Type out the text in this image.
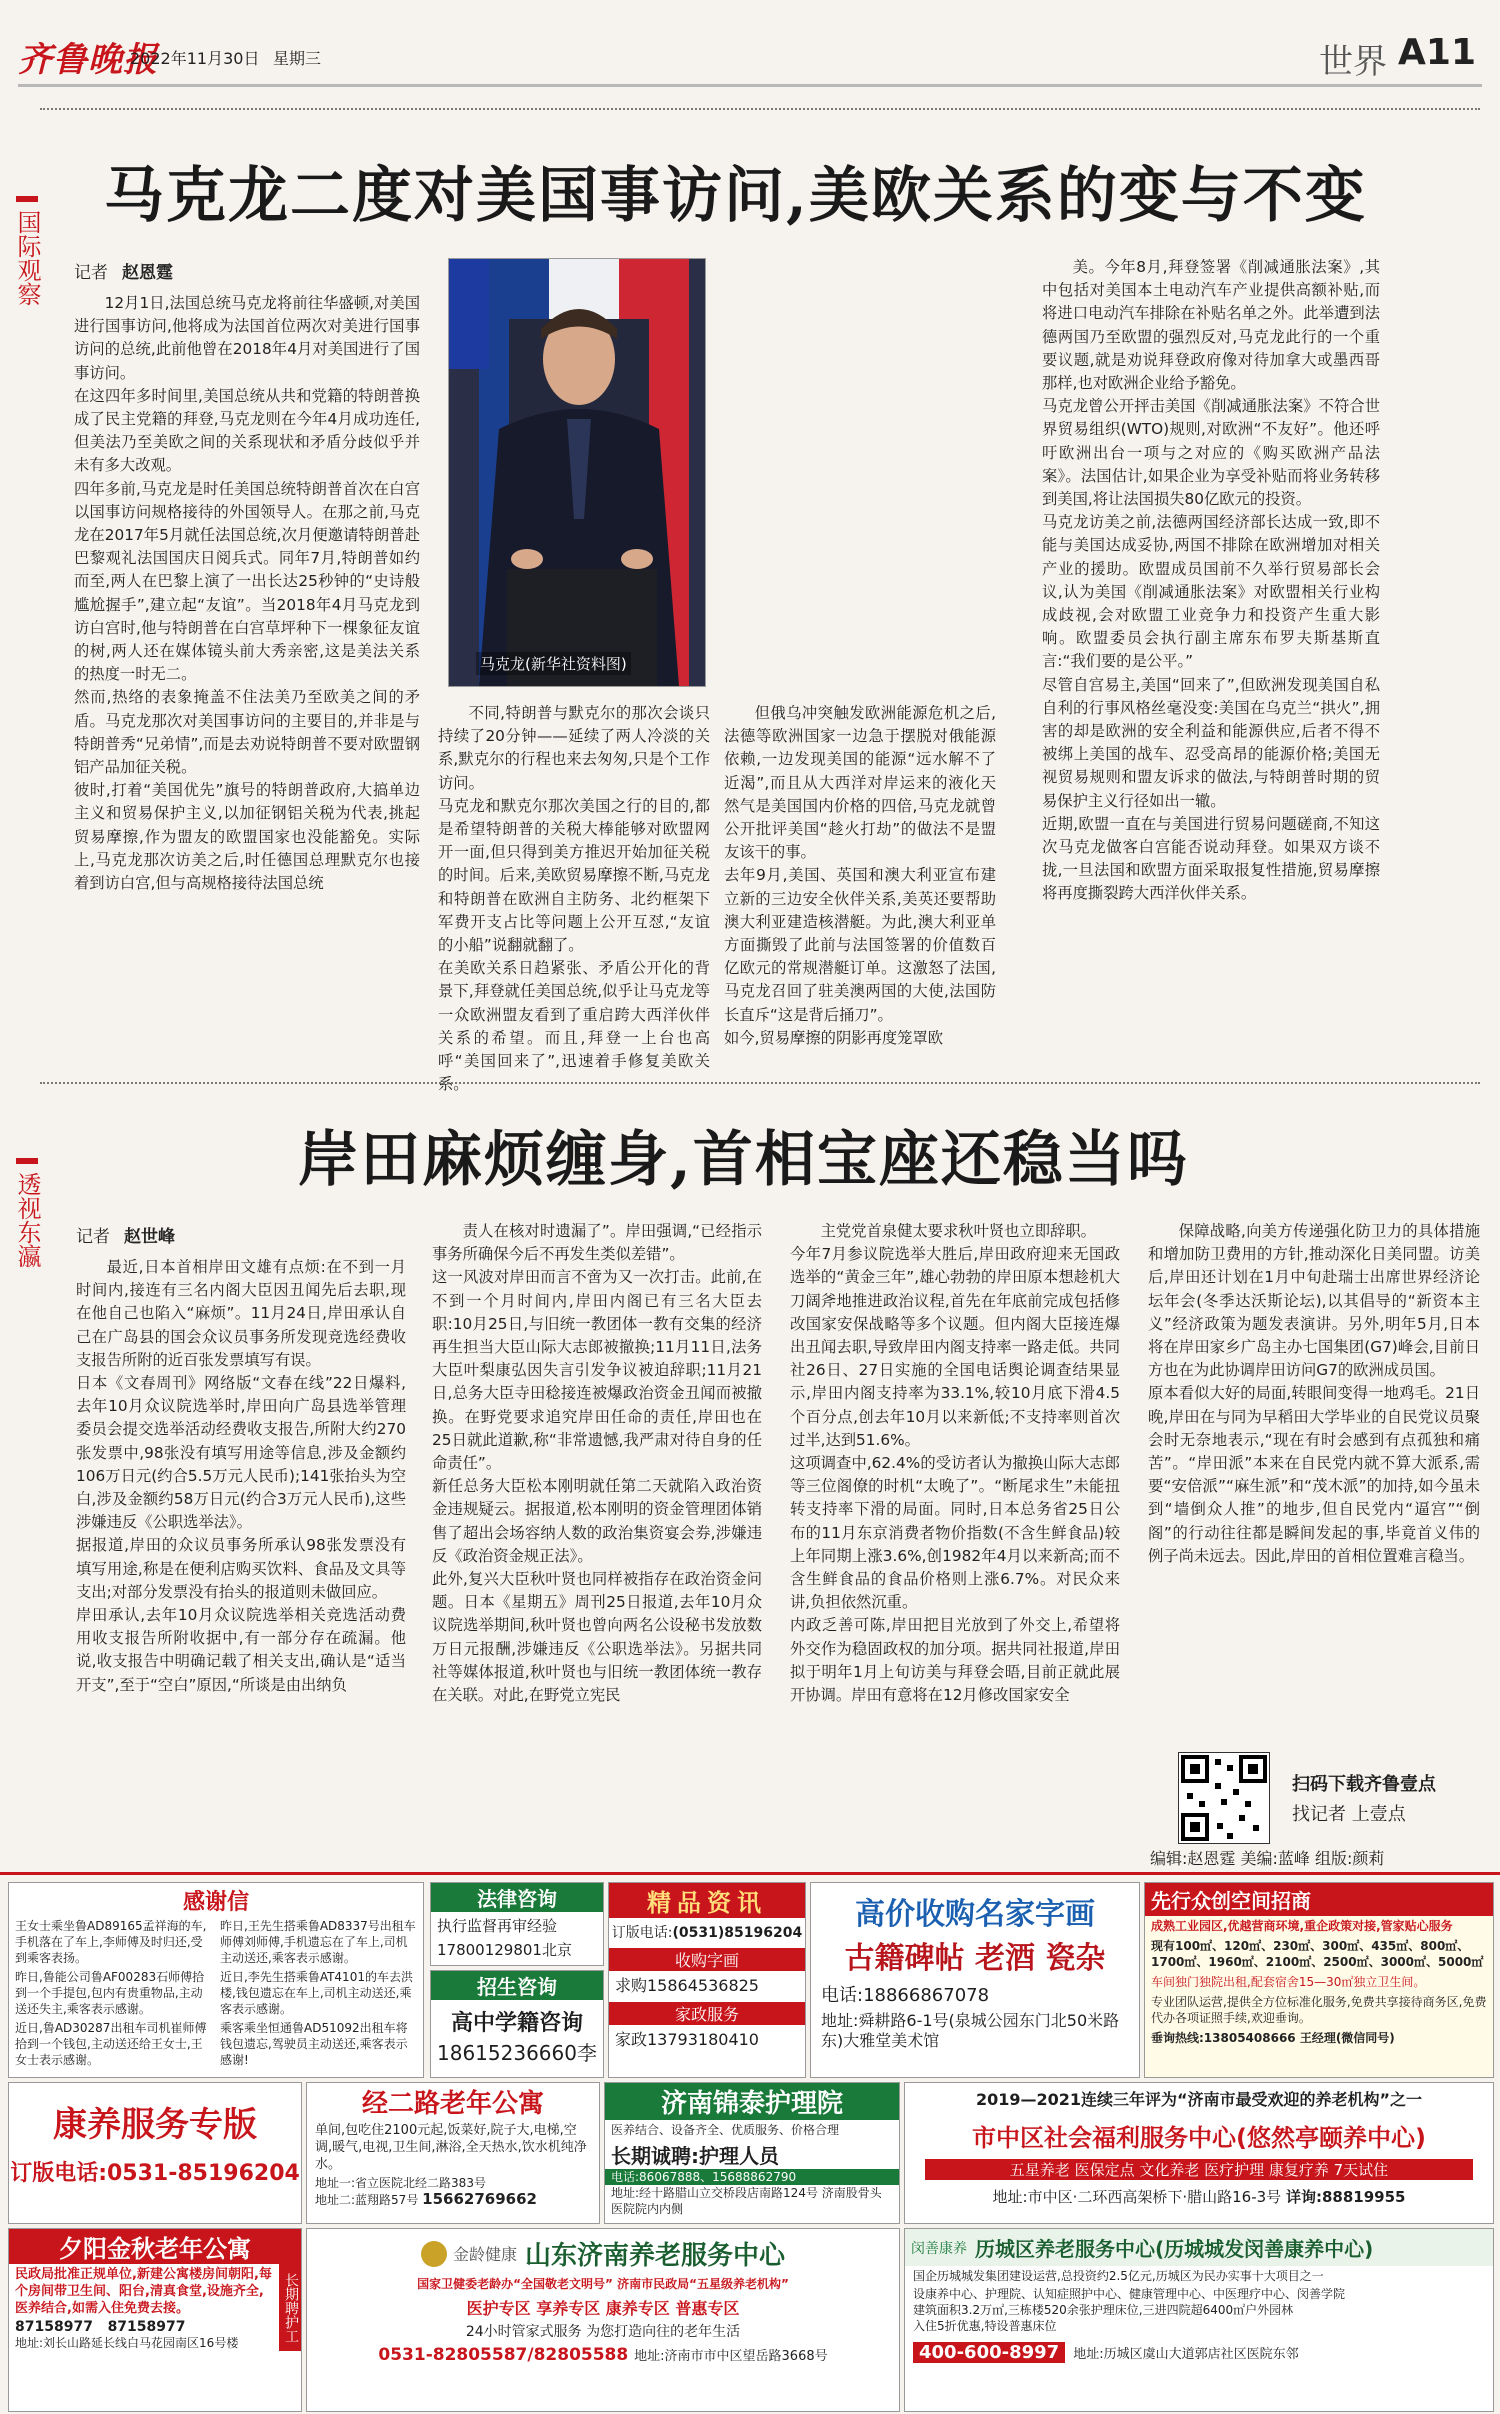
齐鲁晚报
2022年11月30日 星期三	世界 A11
国际观察
马克龙二度对美国事访问,美欧关系的变与不变
记者 赵恩霆

12月1日,法国总统马克龙将前往华盛顿,对美国进行国事访问,他将成为法国首位两次对美进行国事访问的总统,此前他曾在2018年4月对美国进行了国事访问。
在这四年多时间里,美国总统从共和党籍的特朗普换成了民主党籍的拜登,马克龙则在今年4月成功连任,但美法乃至美欧之间的关系现状和矛盾分歧似乎并未有多大改观。
四年多前,马克龙是时任美国总统特朗普首次在白宫以国事访问规格接待的外国领导人。在那之前,马克龙在2017年5月就任法国总统,次月便邀请特朗普赴巴黎观礼法国国庆日阅兵式。同年7月,特朗普如约而至,两人在巴黎上演了一出长达25秒钟的“史诗般尴尬握手”,建立起“友谊”。当2018年4月马克龙到访白宫时,他与特朗普在白宫草坪种下一棵象征友谊的树,两人还在媒体镜头前大秀亲密,这是美法关系的热度一时无二。
然而,热络的表象掩盖不住法美乃至欧美之间的矛盾。马克龙那次对美国事访问的主要目的,并非是与特朗普秀“兄弟情”,而是去劝说特朗普不要对欧盟钢铝产品加征关税。
彼时,打着“美国优先”旗号的特朗普政府,大搞单边主义和贸易保护主义,以加征钢铝关税为代表,挑起贸易摩擦,作为盟友的欧盟国家也没能豁免。实际上,马克龙那次访美之后,时任德国总理默克尔也接着到访白宫,但与高规格接待法国总统

马克龙(新华社资料图)

不同,特朗普与默克尔的那次会谈只持续了20分钟——延续了两人冷淡的关系,默克尔的行程也来去匆匆,只是个工作访问。
马克龙和默克尔那次美国之行的目的,都是希望特朗普的关税大棒能够对欧盟网开一面,但只得到美方推迟开始加征关税的时间。后来,美欧贸易摩擦不断,马克龙和特朗普在欧洲自主防务、北约框架下军费开支占比等问题上公开互怼,“友谊的小船”说翻就翻了。
在美欧关系日趋紧张、矛盾公开化的背景下,拜登就任美国总统,似乎让马克龙等一众欧洲盟友看到了重启跨大西洋伙伴关系的希望。而且,拜登一上台也高呼“美国回来了”,迅速着手修复美欧关系。

但俄乌冲突触发欧洲能源危机之后,法德等欧洲国家一边急于摆脱对俄能源依赖,一边发现美国的能源“远水解不了近渴”,而且从大西洋对岸运来的液化天然气是美国国内价格的四倍,马克龙就曾公开批评美国“趁火打劫”的做法不是盟友该干的事。
去年9月,美国、英国和澳大利亚宣布建立新的三边安全伙伴关系,美英还要帮助澳大利亚建造核潜艇。为此,澳大利亚单方面撕毁了此前与法国签署的价值数百亿欧元的常规潜艇订单。这激怒了法国,马克龙召回了驻美澳两国的大使,法国防长直斥“这是背后捅刀”。
如今,贸易摩擦的阴影再度笼罩欧

美。今年8月,拜登签署《削减通胀法案》,其中包括对美国本土电动汽车产业提供高额补贴,而将进口电动汽车排除在补贴名单之外。此举遭到法德两国乃至欧盟的强烈反对,马克龙此行的一个重要议题,就是劝说拜登政府像对待加拿大或墨西哥那样,也对欧洲企业给予豁免。
马克龙曾公开抨击美国《削减通胀法案》不符合世界贸易组织(WTO)规则,对欧洲“不友好”。他还呼吁欧洲出台一项与之对应的《购买欧洲产品法案》。法国估计,如果企业为享受补贴而将业务转移到美国,将让法国损失80亿欧元的投资。
马克龙访美之前,法德两国经济部长达成一致,即不能与美国达成妥协,两国不排除在欧洲增加对相关产业的援助。欧盟成员国前不久举行贸易部长会议,认为美国《削减通胀法案》对欧盟相关行业构成歧视,会对欧盟工业竞争力和投资产生重大影响。欧盟委员会执行副主席东布罗夫斯基斯直言:“我们要的是公平。”
尽管自宫易主,美国“回来了”,但欧洲发现美国自私自利的行事风格丝毫没变:美国在乌克兰“拱火”,拥害的却是欧洲的安全利益和能源供应,后者不得不被绑上美国的战车、忍受高昂的能源价格;美国无视贸易规则和盟友诉求的做法,与特朗普时期的贸易保护主义行径如出一辙。
近期,欧盟一直在与美国进行贸易问题磋商,不知这次马克龙做客白宫能否说动拜登。如果双方谈不拢,一旦法国和欧盟方面采取报复性措施,贸易摩擦将再度撕裂跨大西洋伙伴关系。

透视东瀛
岸田麻烦缠身,首相宝座还稳当吗
记者 赵世峰

最近,日本首相岸田文雄有点烦:在不到一月时间内,接连有三名内阁大臣因丑闻先后去职,现在他自己也陷入“麻烦”。11月24日,岸田承认自己在广岛县的国会众议员事务所发现竞选经费收支报告所附的近百张发票填写有误。
日本《文春周刊》网络版“文春在线”22日爆料,去年10月众议院选举时,岸田向广岛县选举管理委员会提交选举活动经费收支报告,所附大约270张发票中,98张没有填写用途等信息,涉及金额约106万日元(约合5.5万元人民币);141张抬头为空白,涉及金额约58万日元(约合3万元人民币),这些涉嫌违反《公职选举法》。
据报道,岸田的众议员事务所承认98张发票没有填写用途,称是在便利店购买饮料、食品及文具等支出;对部分发票没有抬头的报道则未做回应。
岸田承认,去年10月众议院选举相关竞选活动费用收支报告所附收据中,有一部分存在疏漏。他说,收支报告中明确记载了相关支出,确认是“适当开支”,至于“空白”原因,“所谈是由出纳负

责人在核对时遗漏了”。岸田强调,“已经指示事务所确保今后不再发生类似差错”。
这一风波对岸田而言不啻为又一次打击。此前,在不到一个月时间内,岸田内阁已有三名大臣去职:10月25日,与旧统一教团体一教有交集的经济再生担当大臣山际大志郎被撤换;11月11日,法务大臣叶梨康弘因失言引发争议被迫辞职;11月21日,总务大臣寺田稔接连被爆政治资金丑闻而被撤换。在野党要求追究岸田任命的责任,岸田也在25日就此道歉,称“非常遗憾,我严肃对待自身的任命责任”。
新任总务大臣松本刚明就任第二天就陷入政治资金违规疑云。据报道,松本刚明的资金管理团体销售了超出会场容纳人数的政治集资宴会券,涉嫌违反《政治资金规正法》。
此外,复兴大臣秋叶贤也同样被指存在政治资金问题。日本《星期五》周刊25日报道,去年10月众议院选举期间,秋叶贤也曾向两名公设秘书发放数万日元报酬,涉嫌违反《公职选举法》。另据共同社等媒体报道,秋叶贤也与旧统一教团体统一教存在关联。对此,在野党立宪民

主党党首泉健太要求秋叶贤也立即辞职。
今年7月参议院选举大胜后,岸田政府迎来无国政选举的“黄金三年”,雄心勃勃的岸田原本想趁机大刀阔斧地推进政治议程,首先在年底前完成包括修改国家安保战略等多个议题。但内阁大臣接连爆出丑闻去职,导致岸田内阁支持率一路走低。共同社26日、27日实施的全国电话舆论调查结果显示,岸田内阁支持率为33.1%,较10月底下滑4.5个百分点,创去年10月以来新低;不支持率则首次过半,达到51.6%。
这项调查中,62.4%的受访者认为撤换山际大志郎等三位阁僚的时机“太晚了”。“断尾求生”未能扭转支持率下滑的局面。同时,日本总务省25日公布的11月东京消费者物价指数(不含生鲜食品)较上年同期上涨3.6%,创1982年4月以来新高;而不含生鲜食品的食品价格则上涨6.7%。对民众来讲,负担依然沉重。
内政乏善可陈,岸田把目光放到了外交上,希望将外交作为稳固政权的加分项。据共同社报道,岸田拟于明年1月上旬访美与拜登会晤,目前正就此展开协调。岸田有意将在12月修改国家安全

保障战略,向美方传递强化防卫力的具体措施和增加防卫费用的方针,推动深化日美同盟。访美后,岸田还计划在1月中旬赴瑞士出席世界经济论坛年会(冬季达沃斯论坛),以其倡导的“新资本主义”经济政策为题发表演讲。另外,明年5月,日本将在岸田家乡广岛主办七国集团(G7)峰会,目前日方也在为此协调岸田访问G7的欧洲成员国。
原本看似大好的局面,转眼间变得一地鸡毛。21日晚,岸田在与同为早稻田大学毕业的自民党议员聚会时无奈地表示,“现在有时会感到有点孤独和痛苦”。“岸田派”本来在自民党内就不算大派系,需要“安倍派”“麻生派”和“茂木派”的加持,如今虽未到“墙倒众人推”的地步,但自民党内“逼宫”“倒阁”的行动往往都是瞬间发起的事,毕竟首义伟的例子尚未远去。因此,岸田的首相位置难言稳当。

扫码下载齐鲁壹点
找记者 上壹点
编辑:赵恩霆 美编:蓝峰 组版:颜莉
感谢信
王女士乘坐鲁AD89165孟祥海的车,手机落在了车上,李师傅及时归还,受到乘客表扬。
昨日,王先生搭乘鲁AD8337号出租车师傅刘师傅,手机遗忘在了车上,司机主动送还,乘客表示感谢。
昨日,鲁能公司鲁AF00283石师傅拾到一个手提包,包内有贵重物品,主动送还失主,乘客表示感谢。
近日,李先生搭乘鲁AT4101的车去洪楼,钱包遗忘在车上,司机主动送还,乘客表示感谢。
近日,鲁AD30287出租车司机崔师傅拾到一个钱包,主动送还给王女士,王女士表示感谢。
乘客乘坐恒通鲁AD51092出租车将钱包遗忘,驾驶员主动送还,乘客表示感谢!
法律咨询
执行监督再审经验
17800129801北京
招生咨询
高中学籍咨询
18615236660李
精品资讯
订版电话:(0531)85196204
收购字画
求购15864536825
家政服务
家政13793180410
高价收购名家字画
古籍碑帖 老酒 瓷杂
电话:18866867078
地址:舜耕路6-1号(泉城公园东门北50米路东)大雅堂美术馆
先行众创空间招商
成熟工业园区,优越营商环境,重企政策对接,管家贴心服务
现有100㎡、120㎡、230㎡、300㎡、435㎡、800㎡、1700㎡、1960㎡、2100㎡、2500㎡、3000㎡、5000㎡
车间独门独院出租,配套宿舍15—30㎡独立卫生间。
专业团队运营,提供全方位标准化服务,免费共享接待商务区,免费代办各项证照手续,欢迎垂询。
垂询热线:13805408666 王经理(微信同号)
康养服务专版
订版电话:0531-85196204
经二路老年公寓
单间,包吃住2100元起,饭菜好,院子大,电梯,空调,暖气,电视,卫生间,淋浴,全天热水,饮水机纯净水。
地址一:省立医院北经二路383号
地址二:蓝翔路57号 15662769662
济南锦泰护理院
医养结合、设备齐全、优质服务、价格合理
长期诚聘:护理人员
电话:86067888、15688862790
地址:经十路腊山立交桥段店南路124号 济南股骨头医院院内内侧
2019—2021连续三年评为“济南市最受欢迎的养老机构”之一
市中区社会福利服务中心(悠然亭颐养中心)
五星养老 医保定点 文化养老 医疗护理 康复疗养 7天试住
地址:市中区·二环西高架桥下·腊山路16-3号 详询:88819955
夕阳金秋老年公寓
民政局批准正规单位,新建公寓楼房间朝阳,每个房间带卫生间、阳台,清真食堂,设施齐全,医养结合,如需入住免费去接。
87158977 87158977
地址:刘长山路延长线白马花园南区16号楼
长期聘护工
金龄健康 山东济南养老服务中心
国家卫健委老龄办“全国敬老文明号” 济南市民政局“五星级养老机构”
医护专区 享养专区 康养专区 普惠专区
24小时管家式服务 为您打造向往的老年生活
0531-82805587/82805588 地址:济南市市中区望岳路3668号
闵善康养 历城区养老服务中心(历城城发闵善康养中心)
国企历城城发集团建设运营,总投资约2.5亿元,历城区为民办实事十大项目之一
设康养中心、护理院、认知症照护中心、健康管理中心、中医理疗中心、闵善学院
建筑面积3.2万㎡,三栋楼520余张护理床位,三进四院超6400㎡户外园林
入住5折优惠,特设普惠床位
400-600-8997	地址:历城区虞山大道郭店社区医院东邻
